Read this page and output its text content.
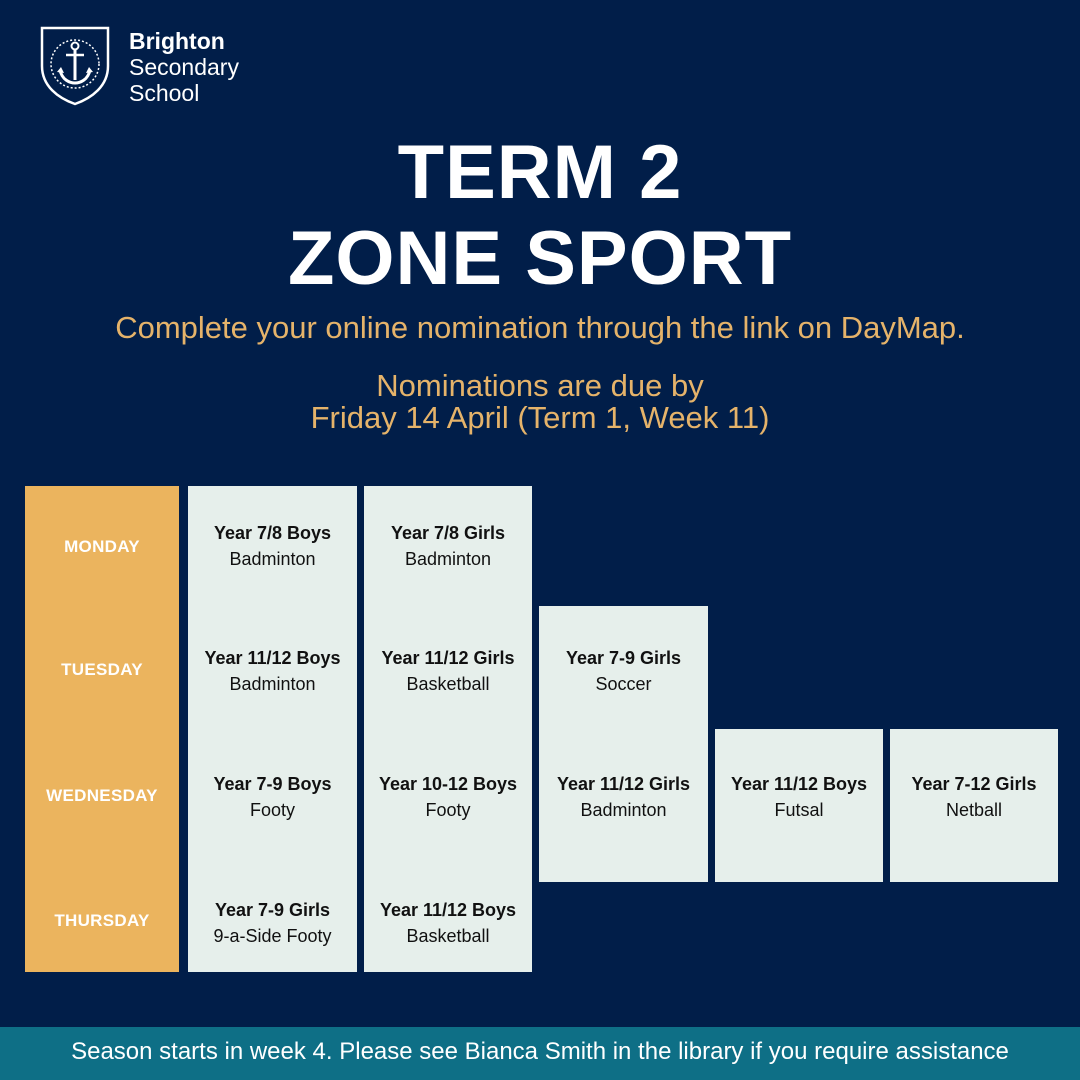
Brighton
Secondary
School
TERM 2
ZONE SPORT
Complete your online nomination through the link on DayMap.
Nominations are due by
Friday 14 April (Term 1, Week 11)
MONDAY
TUESDAY
WEDNESDAY
THURSDAY
Year 7/8 Boys
Badminton
Year 7/8 Girls
Badminton
Year 11/12 Boys
Badminton
Year 11/12 Girls
Basketball
Year 7-9 Girls
Soccer
Year 7-9 Boys
Footy
Year 10-12 Boys
Footy
Year 11/12 Girls
Badminton
Year 11/12 Boys
Futsal
Year 7-12 Girls
Netball
Year 7-9 Girls
9-a-Side Footy
Year 11/12 Boys
Basketball
Season starts in week 4. Please see Bianca Smith in the library if you require assistance
